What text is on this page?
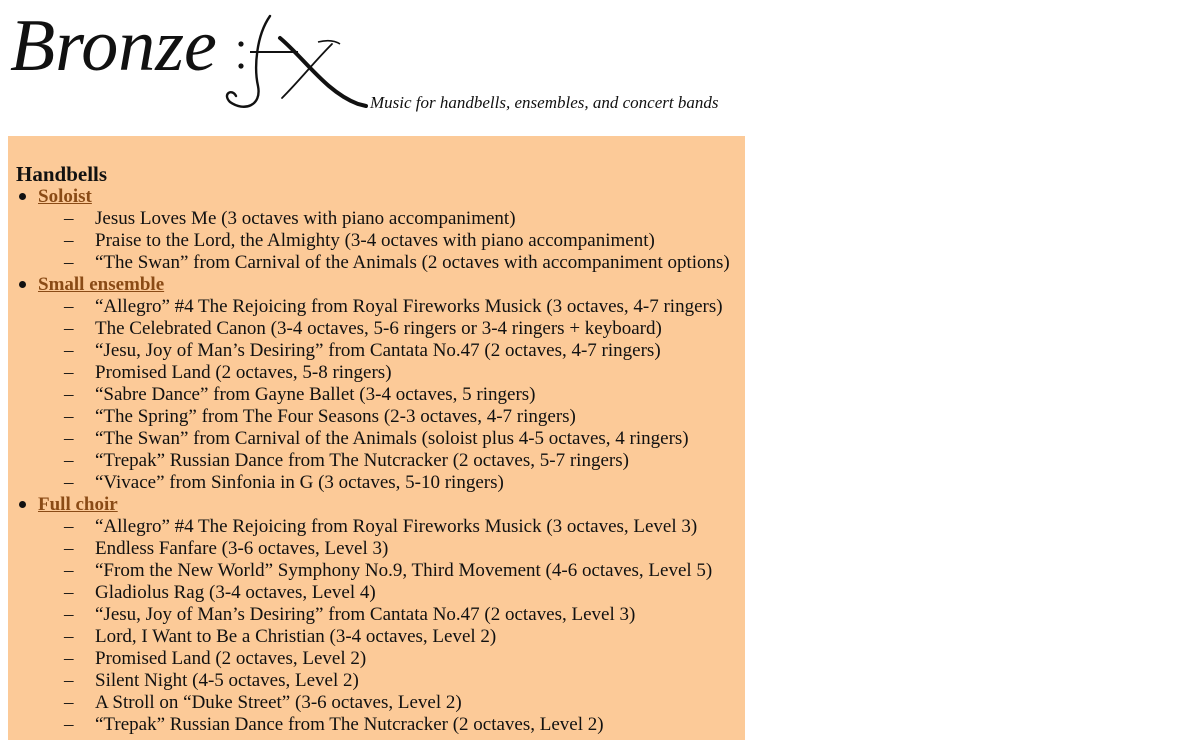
Bronze
Music for handbells, ensembles, and concert bands
Handbells
Soloist
– Jesus Loves Me (3 octaves with piano accompaniment)
– Praise to the Lord, the Almighty (3-4 octaves with piano accompaniment)
– “The Swan” from Carnival of the Animals (2 octaves with accompaniment options)
Small ensemble
– “Allegro” #4 The Rejoicing from Royal Fireworks Musick (3 octaves, 4-7 ringers)
– The Celebrated Canon (3-4 octaves, 5-6 ringers or 3-4 ringers + keyboard)
– “Jesu, Joy of Man’s Desiring” from Cantata No.47 (2 octaves, 4-7 ringers)
– Promised Land (2 octaves, 5-8 ringers)
– “Sabre Dance” from Gayne Ballet (3-4 octaves, 5 ringers)
– “The Spring” from The Four Seasons (2-3 octaves, 4-7 ringers)
– “The Swan” from Carnival of the Animals (soloist plus 4-5 octaves, 4 ringers)
– “Trepak” Russian Dance from The Nutcracker (2 octaves, 5-7 ringers)
– “Vivace” from Sinfonia in G (3 octaves, 5-10 ringers)
Full choir
– “Allegro” #4 The Rejoicing from Royal Fireworks Musick (3 octaves, Level 3)
– Endless Fanfare (3-6 octaves, Level 3)
– “From the New World” Symphony No.9, Third Movement (4-6 octaves, Level 5)
– Gladiolus Rag (3-4 octaves, Level 4)
– “Jesu, Joy of Man’s Desiring” from Cantata No.47 (2 octaves, Level 3)
– Lord, I Want to Be a Christian (3-4 octaves, Level 2)
– Promised Land (2 octaves, Level 2)
– Silent Night (4-5 octaves, Level 2)
– A Stroll on “Duke Street” (3-6 octaves, Level 2)
– “Trepak” Russian Dance from The Nutcracker (2 octaves, Level 2)
